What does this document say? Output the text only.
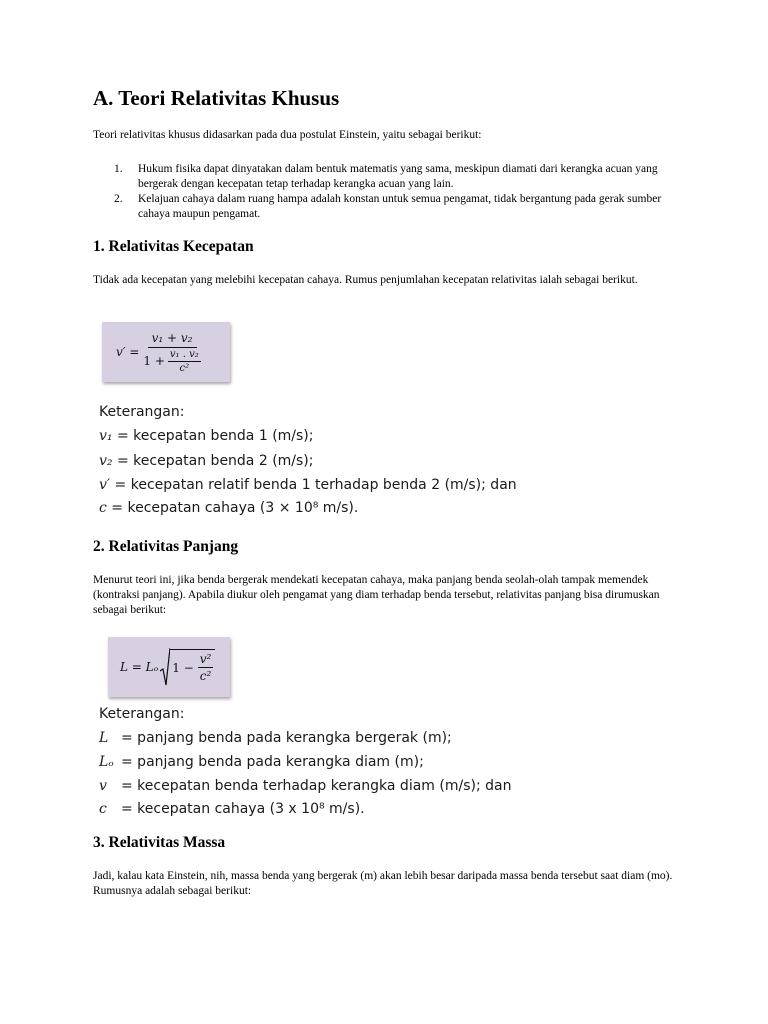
A. Teori Relativitas Khusus
Teori relativitas khusus didasarkan pada dua postulat Einstein, yaitu sebagai berikut:
1. Hukum fisika dapat dinyatakan dalam bentuk matematis yang sama, meskipun diamati dari kerangka acuan yang bergerak dengan kecepatan tetap terhadap kerangka acuan yang lain.
2. Kelajuan cahaya dalam ruang hampa adalah konstan untuk semua pengamat, tidak bergantung pada gerak sumber cahaya maupun pengamat.
1. Relativitas Kecepatan
Tidak ada kecepatan yang melebihi kecepatan cahaya. Rumus penjumlahan kecepatan relativitas ialah sebagai berikut.
$v' = \frac{\text{v₁ + v₂}}{1 + \frac{\text{v₁ . v₂}}{\text{c²}}}$
Keterangan:
v₁ = kecepatan benda 1 (m/s);
v₂ = kecepatan benda 2 (m/s);
v′ = kecepatan relatif benda 1 terhadap benda 2 (m/s); dan
c = kecepatan cahaya (3 × 10⁸ m/s).
2. Relativitas Panjang
Menurut teori ini, jika benda bergerak mendekati kecepatan cahaya, maka panjang benda seolah-olah tampak memendek (kontraksi panjang). Apabila diukur oleh pengamat yang diam terhadap benda tersebut, relativitas panjang bisa dirumuskan sebagai berikut:
L = Lₒ $1 - \frac{\text{v²}}{\text{c²}}$
Keterangan:
L = panjang benda pada kerangka bergerak (m);
Lₒ = panjang benda pada kerangka diam (m);
v = kecepatan benda terhadap kerangka diam (m/s); dan
c = kecepatan cahaya (3 x 10⁸ m/s).
3. Relativitas Massa
Jadi, kalau kata Einstein, nih, massa benda yang bergerak (m) akan lebih besar daripada massa benda tersebut saat diam (mo). Rumusnya adalah sebagai berikut:
